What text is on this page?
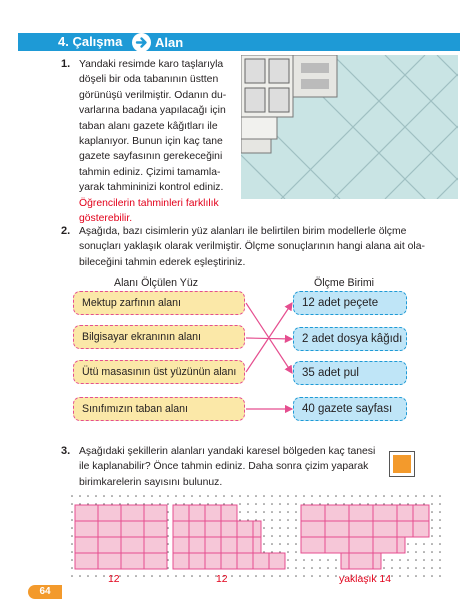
4. Çalışma	Alan
1. Yandaki resimde karo taşlarıyla
döşeli bir oda tabanının üstten
görünüşü verilmiştir. Odanın du-
varlarına badana yapılacağı için
taban alanı gazete kâğıtları ile
kaplanıyor. Bunun için kaç tane
gazete sayfasının gerekeceğini
tahmin ediniz. Çizimi tamamla-
yarak tahmininizi kontrol ediniz.
Öğrencilerin tahminleri farklılık
gösterebilir.
2. Aşağıda, bazı cisimlerin yüz alanları ile belirtilen birim modellerle ölçme
sonuçları yaklaşık olarak verilmiştir. Ölçme sonuçlarının hangi alana ait ola-
bileceğini tahmin ederek eşleştiriniz.
Alanı Ölçülen Yüz	Ölçme Birimi
Mektup zarfının alanı
Bilgisayar ekranının alanı
Ütü masasının üst yüzünün alanı
Sınıfımızın taban alanı
12 adet peçete
2 adet dosya kâğıdı
35 adet pul
40 gazete sayfası
3. Aşağıdaki şekillerin alanları yandaki karesel bölgeden kaç tanesi
ile kaplanabilir? Önce tahmin ediniz. Daha sonra çizim yaparak
birimkarelerin sayısını bulunuz.
12	12	yaklaşık 14
64
